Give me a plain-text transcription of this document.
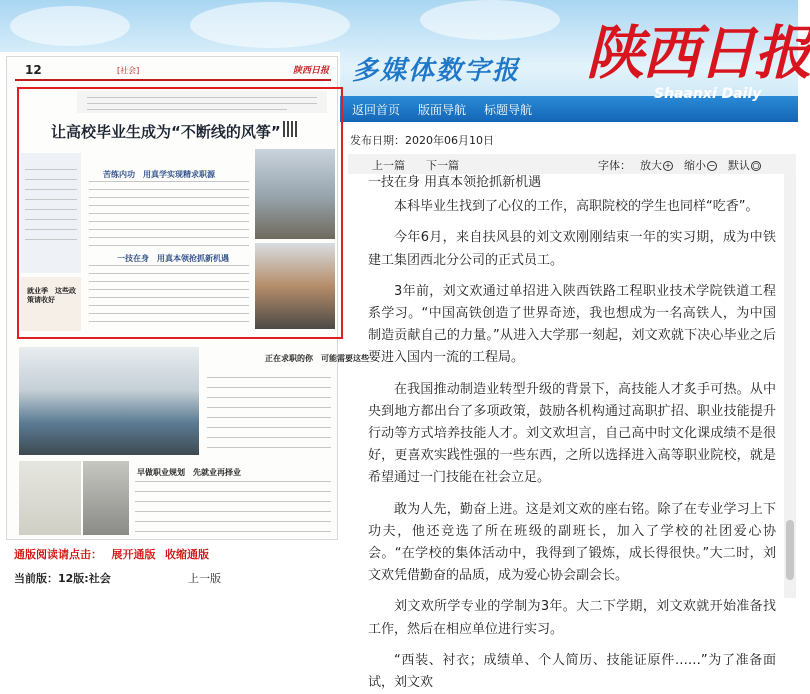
多媒体数字报 陕西日报
返回首页 版面导航 标题导航
Shaanxi Daily
12	[社会]	陕西日报
让高校毕业生成为“不断线的风筝”
就业季　这些政策请收好
苦练内功　用真学实现精求职源
一技在身　用真本领抢抓新机遇
正在求职的你　可能需要这些
早做职业规划　先就业再择业
通版阅读请点击： 展开通版 收缩通版
当前版：12版:社会	上一版
发布日期：2020年06月10日
上一篇 下一篇	字体： 放大 + 缩小 − 默认 ○

一技在身 用真本领抢抓新机遇

本科毕业生找到了心仪的工作，高职院校的学生也同样“吃香”。

今年6月，来自扶风县的刘文欢刚刚结束一年的实习期，成为中铁建工集团西北分公司的正式员工。

3年前，刘文欢通过单招进入陕西铁路工程职业技术学院铁道工程系学习。“中国高铁创造了世界奇迹，我也想成为一名高铁人，为中国制造贡献自己的力量。”从进入大学那一刻起，刘文欢就下决心毕业之后要进入国内一流的工程局。

在我国推动制造业转型升级的背景下，高技能人才炙手可热。从中央到地方都出台了多项政策，鼓励各机构通过高职扩招、职业技能提升行动等方式培养技能人才。刘文欢坦言，自己高中时文化课成绩不是很好，更喜欢实践性强的一些东西，之所以选择进入高等职业院校，就是希望通过一门技能在社会立足。

敢为人先，勤奋上进。这是刘文欢的座右铭。除了在专业学习上下功夫，他还竞选了所在班级的副班长，加入了学校的社团爱心协会。“在学校的集体活动中，我得到了锻炼，成长得很快。”大二时，刘文欢凭借勤奋的品质，成为爱心协会副会长。

刘文欢所学专业的学制为3年。大二下学期，刘文欢就开始准备找工作，然后在相应单位进行实习。

“西装、衬衣；成绩单、个人简历、技能证原件……”为了准备面试，刘文欢
